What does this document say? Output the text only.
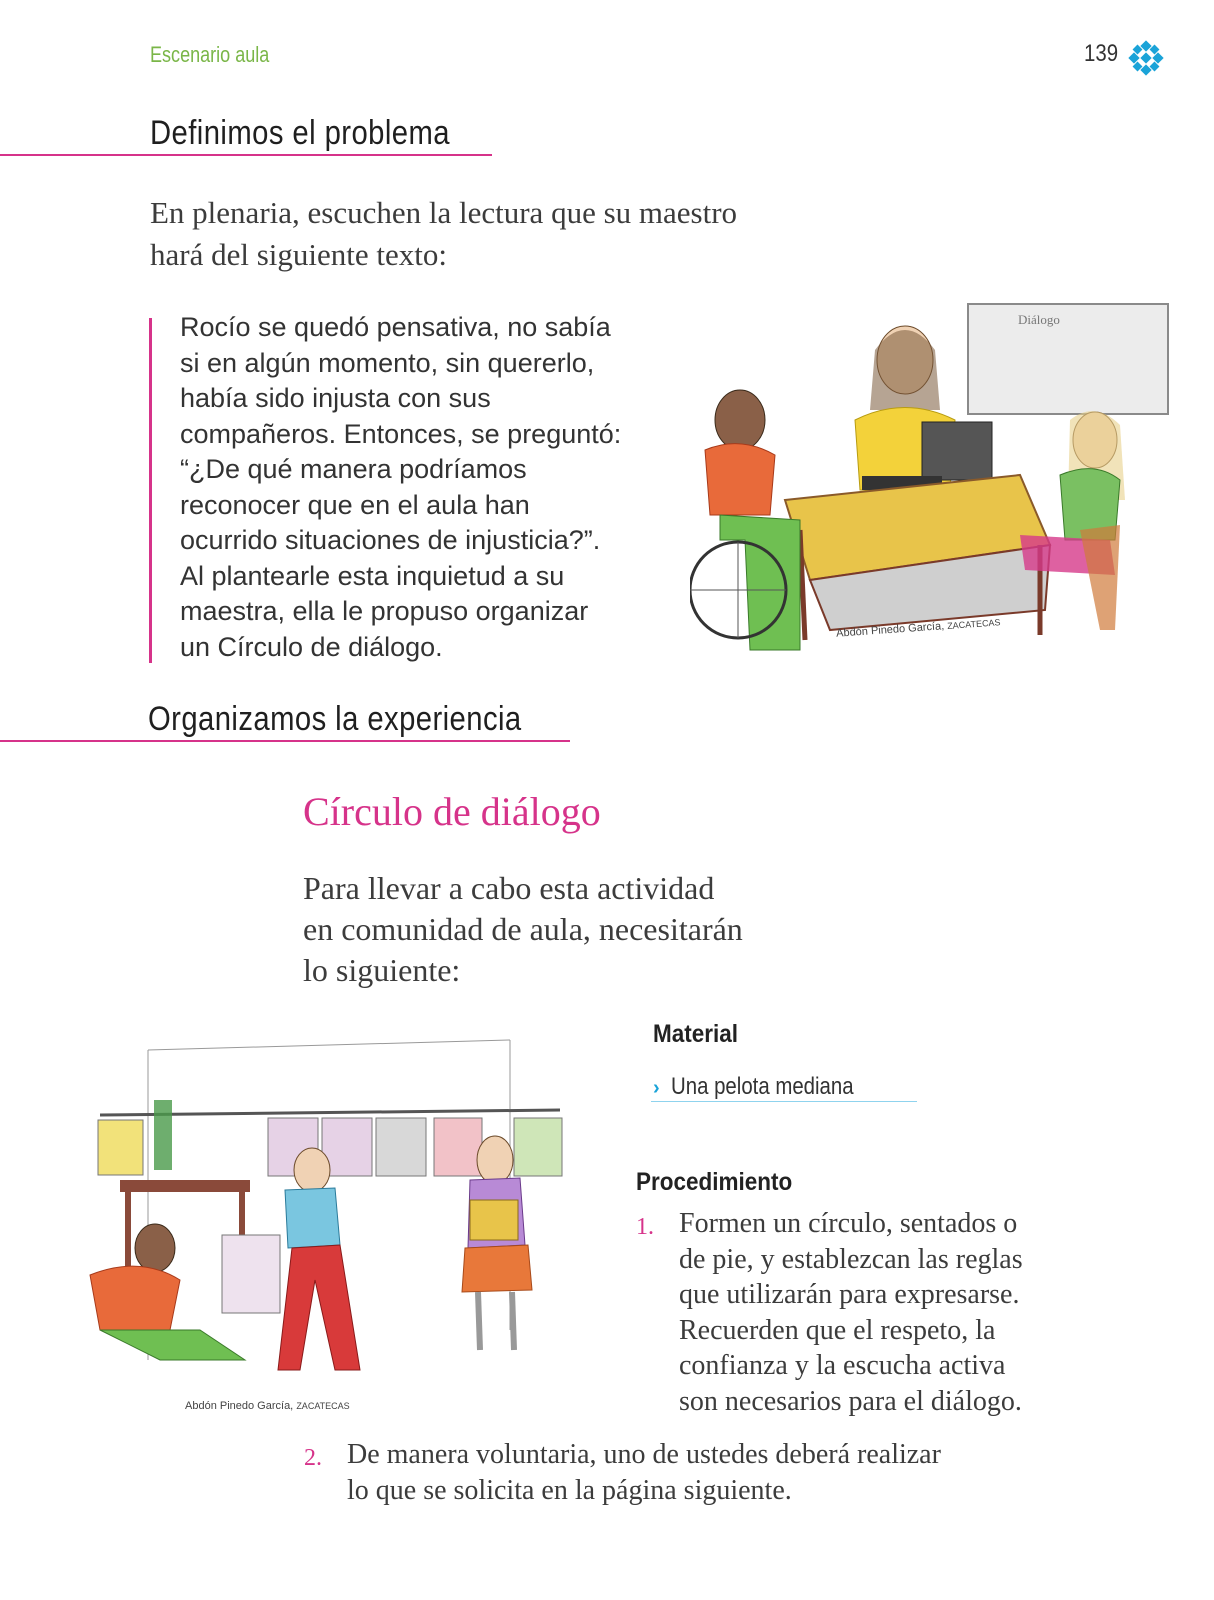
Escenario aula	139
Definimos el problema
En plenaria, escuchen la lectura que su maestro hará del siguiente texto:
Rocío se quedó pensativa, no sabía
si en algún momento, sin quererlo,
había sido injusta con sus
compañeros. Entonces, se preguntó:
“¿De qué manera podríamos
reconocer que en el aula han
ocurrido situaciones de injusticia?”.
Al plantearle esta inquietud a su
maestra, ella le propuso organizar
un Círculo de diálogo.
Diálogo
Abdón Pinedo García, ZACATECAS
Organizamos la experiencia
Círculo de diálogo
Para llevar a cabo esta actividad
en comunidad de aula, necesitarán
lo siguiente:
Material
› Una pelota mediana
Procedimiento
1. Formen un círculo, sentados o
de pie, y establezcan las reglas
que utilizarán para expresarse.
Recuerden que el respeto, la
confianza y la escucha activa
son necesarios para el diálogo.
2. De manera voluntaria, uno de ustedes deberá realizar
lo que se solicita en la página siguiente.
Abdón Pinedo García, ZACATECAS
